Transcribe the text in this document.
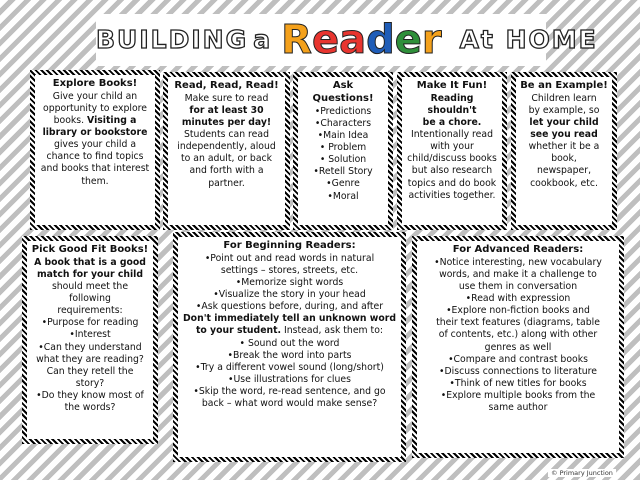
BUILDING a Reader At HOME
Explore Books!
Give your child an
opportunity to explore
books. Visiting a
library or bookstore
gives your child a
chance to find topics
and books that interest
them.
Read, Read, Read!
Make sure to read
for at least 30
minutes per day!
Students can read
independently, aloud
to an adult, or back
and forth with a
partner.
Ask Questions!
•Predictions
•Characters
•Main Idea
• Problem
• Solution
•Retell Story
•Genre
•Moral
Make It Fun!
Reading shouldn't
be a chore.
Intentionally read
with your
child/discuss books
but also research
topics and do book
activities together.
Be an Example!
Children learn
by example, so
let your child
see you read
whether it be a
book,
newspaper,
cookbook, etc.
Pick Good Fit Books!
A book that is a good
match for your child
should meet the following
requirements:
•Purpose for reading
•Interest
•Can they understand
what they are reading?
Can they retell the
story?
•Do they know most of
the words?
For Beginning Readers:
•Point out and read words in natural
settings – stores, streets, etc.
•Memorize sight words
•Visualize the story in your head
•Ask questions before, during, and after
Don't immediately tell an unknown word
to your student. Instead, ask them to:
• Sound out the word
•Break the word into parts
•Try a different vowel sound (long/short)
•Use illustrations for clues
•Skip the word, re-read sentence, and go
back – what word would make sense?
For Advanced Readers:
•Notice interesting, new vocabulary
words, and make it a challenge to
use them in conversation
•Read with expression
•Explore non-fiction books and
their text features (diagrams, table
of contents, etc.) along with other
genres as well
•Compare and contrast books
•Discuss connections to literature
•Think of new titles for books
•Explore multiple books from the
same author
© Primary Junction
